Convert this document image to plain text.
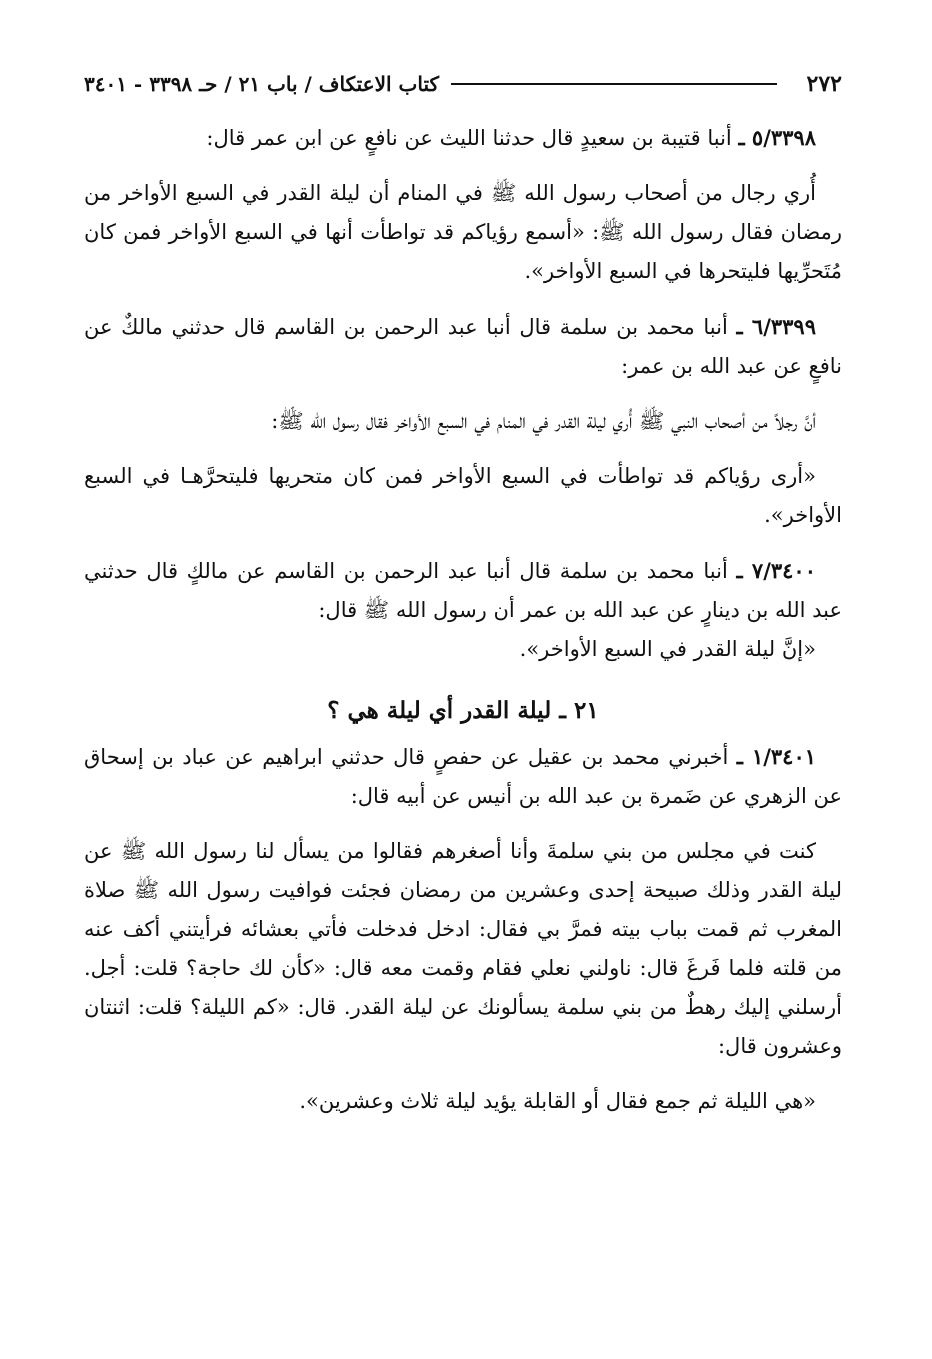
٢٧٢
كتاب الاعتكاف / باب ٢١ / حـ ٣٣٩٨ - ٣٤٠١

٥/٣٣٩٨ ـ أنبا قتيبة بن سعيدٍ قال حدثنا الليث عن نافعٍ عن ابن عمر قال:

أُري رجال من أصحاب رسول الله ﷺ في المنام أن ليلة القدر في السبع الأواخر من رمضان فقال رسول الله ﷺ: «أسمع رؤياكم قد تواطأت أنها في السبع الأواخر فمن كان مُتَحرِّيها فليتحرها في السبع الأواخر».

٦/٣٣٩٩ ـ أنبا محمد بن سلمة قال أنبا عبد الرحمن بن القاسم قال حدثني مالكٌ عن نافعٍ عن عبد الله بن عمر:

أنَّ رجلاً من أصحاب النبي ﷺ أُري ليلة القدر في المنام في السبع الأواخر فقال رسول الله ﷺ:

«أرى رؤياكم قد تواطأت في السبع الأواخر فمن كان متحريها فليتحرَّهـا في السبع الأواخر».

٧/٣٤٠٠ ـ أنبا محمد بن سلمة قال أنبا عبد الرحمن بن القاسم عن مالكٍ قال حدثني عبد الله بن دينارٍ عن عبد الله بن عمر أن رسول الله ﷺ قال:

«إنَّ ليلة القدر في السبع الأواخر».

٢١ ـ ليلة القدر أي ليلة هي ؟

١/٣٤٠١ ـ أخبرني محمد بن عقيل عن حفصٍ قال حدثني ابراهيم عن عباد بن إسحاق عن الزهري عن ضَمرة بن عبد الله بن أنيس عن أبيه قال:

كنت في مجلس من بني سلمةَ وأنا أصغرهم فقالوا من يسأل لنا رسول الله ﷺ عن ليلة القدر وذلك صبيحة إحدى وعشرين من رمضان فجئت فوافيت رسول الله ﷺ صلاة المغرب ثم قمت بباب بيته فمرَّ بي فقال: ادخل فدخلت فأتي بعشائه فرأيتني أكف عنه من قلته فلما فَرغَ قال: ناولني نعلي فقام وقمت معه قال: «كأن لك حاجة؟ قلت: أجل. أرسلني إليك رهطٌ من بني سلمة يسألونك عن ليلة القدر. قال: «كم الليلة؟ قلت: اثنتان وعشرون قال:

«هي الليلة ثم جمع فقال أو القابلة يؤيد ليلة ثلاث وعشرين».
